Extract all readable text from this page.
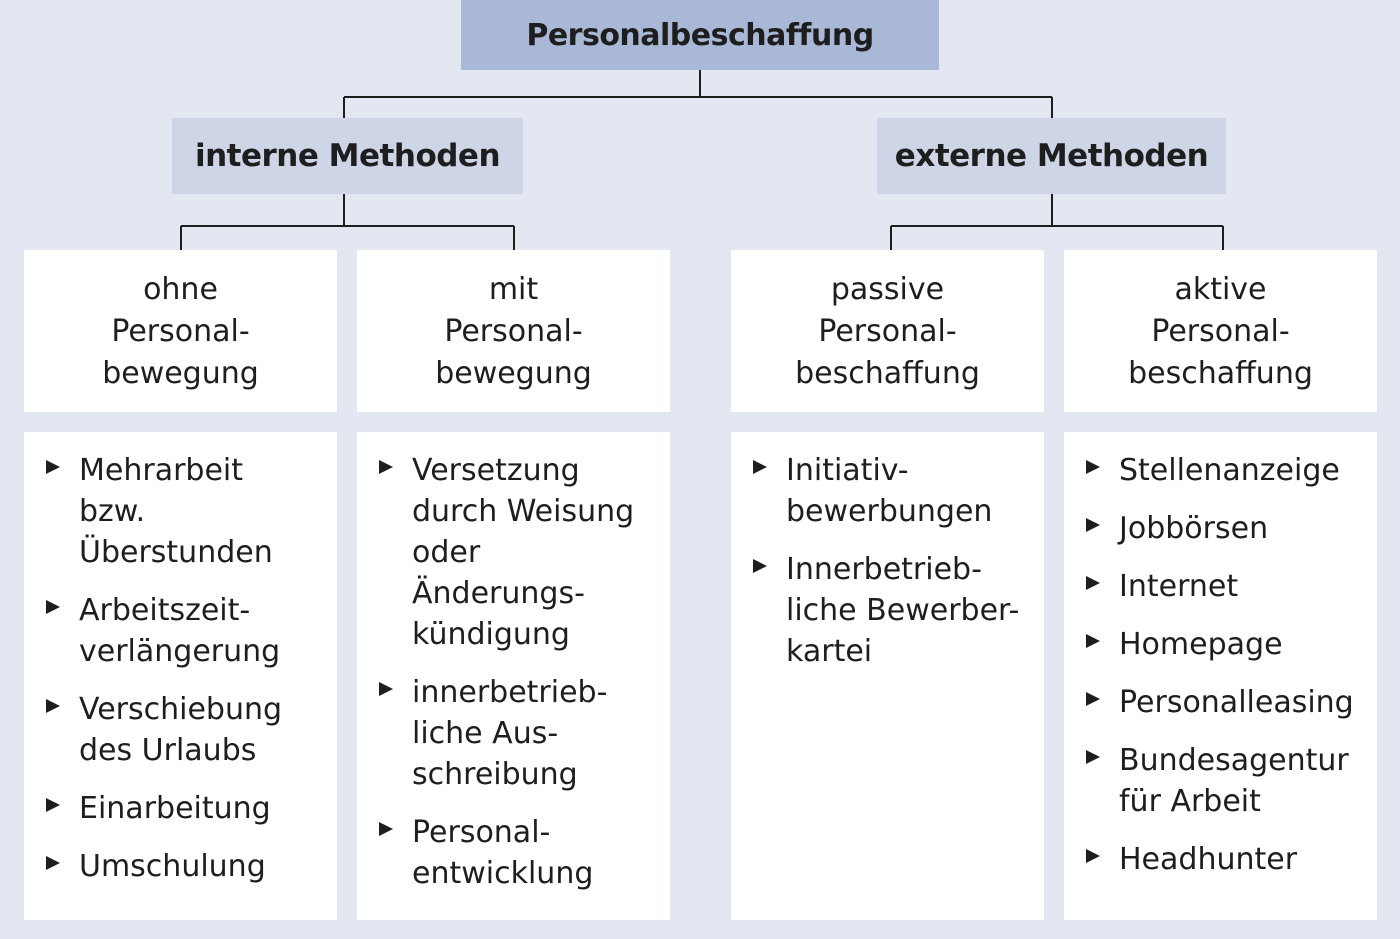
Personalbeschaffung
interne Methoden	externe Methoden
ohne
Personal-
bewegung
mit
Personal-
bewegung
passive
Personal-
beschaffung
aktive
Personal-
beschaffung
Mehrarbeit
bzw.
Überstunden
Arbeitszeit-
verlängerung
Verschiebung
des Urlaubs
Einarbeitung
Umschulung
Versetzung
durch Weisung
oder
Änderungs-
kündigung
innerbetrieb-
liche Aus-
schreibung
Personal-
entwicklung
Initiativ-
bewerbungen
Innerbetrieb-
liche Bewerber-
kartei
Stellenanzeige
Jobbörsen
Internet
Homepage
Personalleasing
Bundesagentur
für Arbeit
Headhunter
